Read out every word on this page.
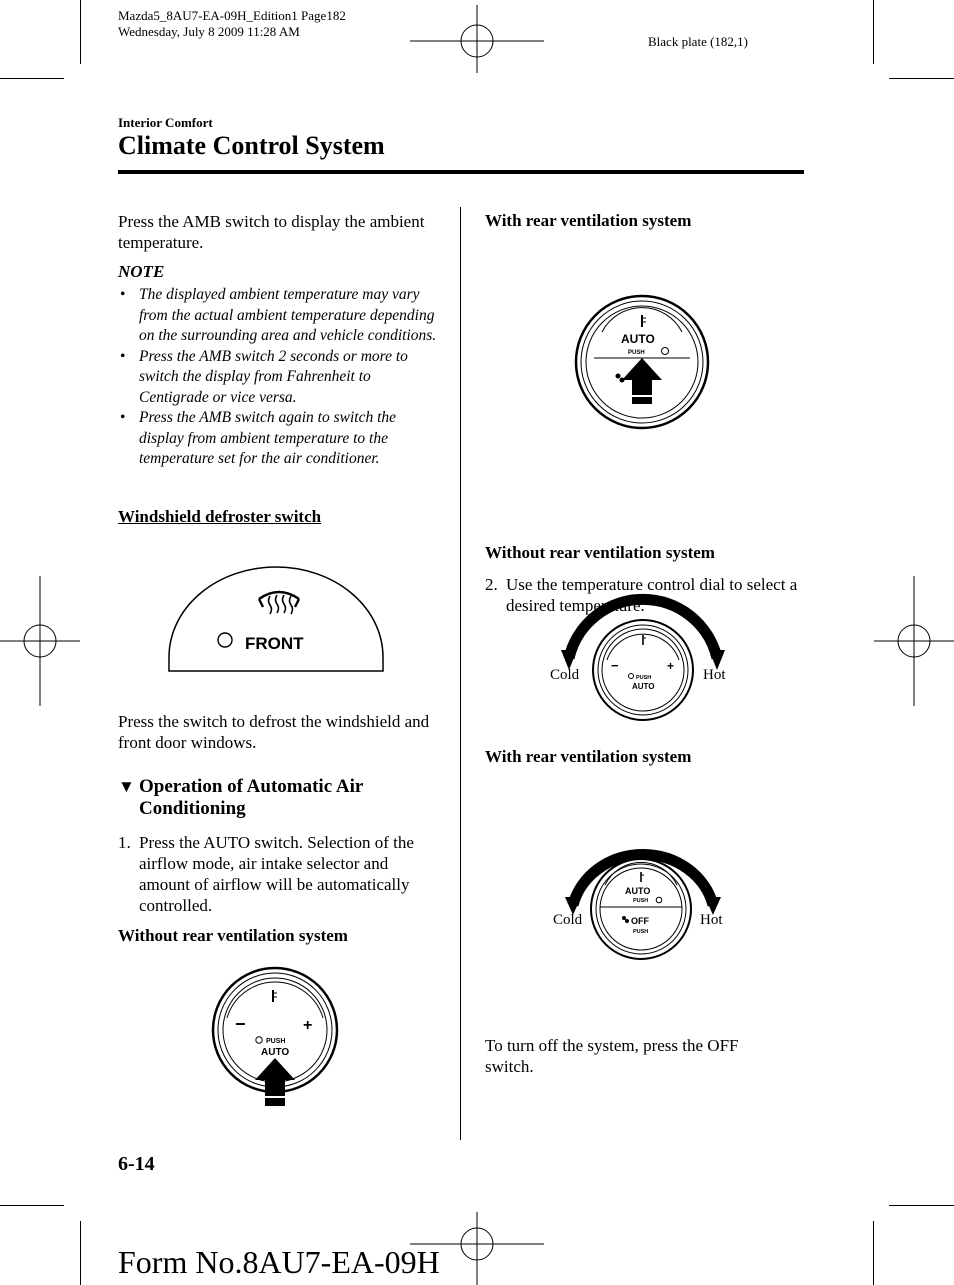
Mazda5_8AU7-EA-09H_Edition1 Page182
Wednesday, July 8 2009 11:28 AM
Black plate (182,1)
Interior Comfort
Climate Control System
Press the AMB switch to display the ambient temperature.
NOTE
• The displayed ambient temperature may vary from the actual ambient temperature depending on the surrounding area and vehicle conditions.
• Press the AMB switch 2 seconds or more to switch the display from Fahrenheit to Centigrade or vice versa.
• Press the AMB switch again to switch the display from ambient temperature to the temperature set for the air conditioner.
Windshield defroster switch
FRONT
Press the switch to defrost the windshield and front door windows.
▼ Operation of Automatic Air Conditioning
1. Press the AUTO switch. Selection of the airflow mode, air intake selector and amount of airflow will be automatically controlled.
Without rear ventilation system
−	+
PUSH
AUTO
With rear ventilation system
AUTO
PUSH
2. Use the temperature control dial to select a desired temperature.
Without rear ventilation system
−	+
PUSH
AUTO
Cold	Hot
With rear ventilation system
AUTO
PUSH
OFF
PUSH
Cold	Hot
To turn off the system, press the OFF switch.
6-14
Form No.8AU7-EA-09H
